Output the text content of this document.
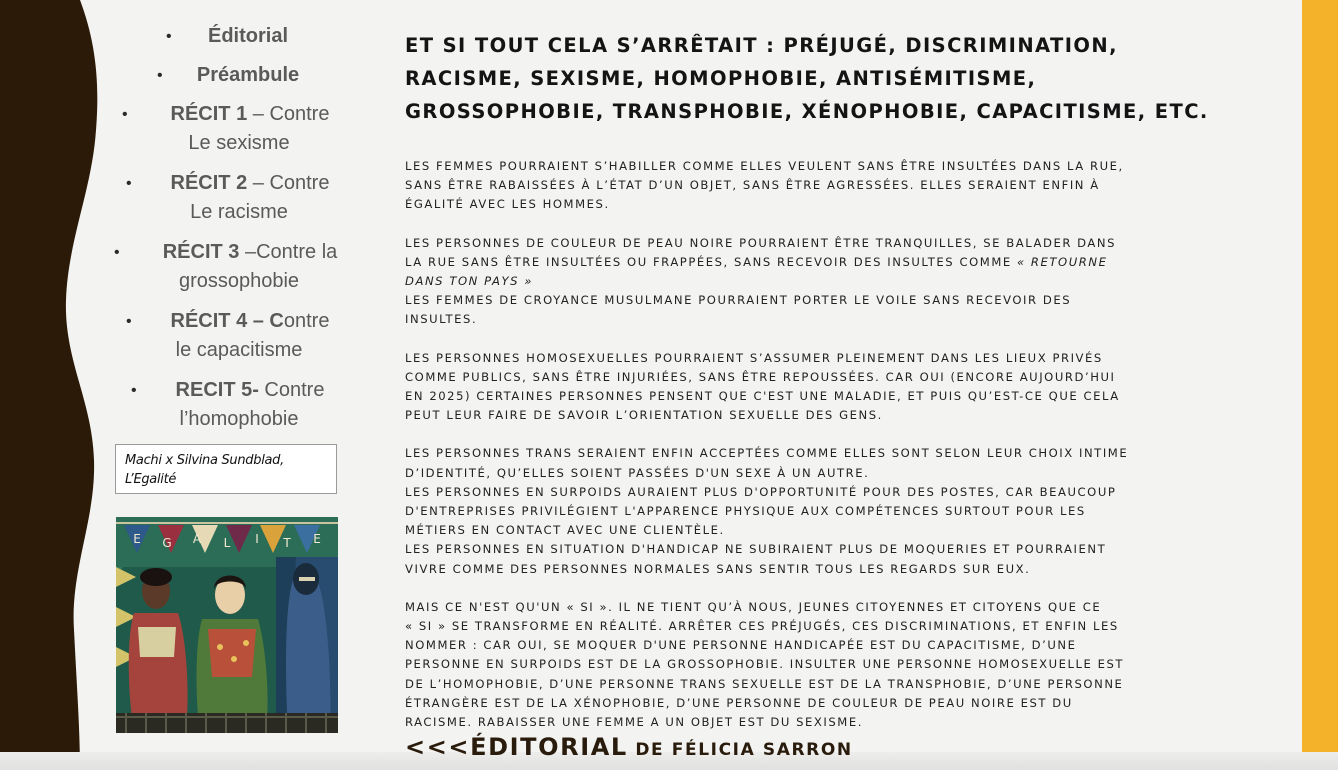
• Éditorial
• Préambule
•	RÉCIT 1 – Contre
Le sexisme
•	RÉCIT 2 – Contre
Le racisme
•	RÉCIT 3 –Contre la
grossophobie
•	RÉCIT 4 – Contre
le capacitisme
•	RECIT 5- Contre
l’homophobie
Machi x Silvina Sundblad,
L’Egalité
E G A L I T E
ET SI TOUT CELA S’ARRÊTAIT : PRÉJUGÉ, DISCRIMINATION,
RACISME, SEXISME, HOMOPHOBIE, ANTISÉMITISME,
GROSSOPHOBIE, TRANSPHOBIE, XÉNOPHOBIE, CAPACITISME, ETC.
LES FEMMES POURRAIENT S’HABILLER COMME ELLES VEULENT SANS ÊTRE INSULTÉES DANS LA RUE,
SANS ÊTRE RABAISSÉES À L’ÉTAT D’UN OBJET, SANS ÊTRE AGRESSÉES. ELLES SERAIENT ENFIN À
ÉGALITÉ AVEC LES HOMMES.
LES PERSONNES DE COULEUR DE PEAU NOIRE POURRAIENT ÊTRE TRANQUILLES, SE BALADER DANS
LA RUE SANS ÊTRE INSULTÉES OU FRAPPÉES, SANS RECEVOIR DES INSULTES COMME « RETOURNE
DANS TON PAYS »
LES FEMMES DE CROYANCE MUSULMANE POURRAIENT PORTER LE VOILE SANS RECEVOIR DES
INSULTES.
LES PERSONNES HOMOSEXUELLES POURRAIENT S’ASSUMER PLEINEMENT DANS LES LIEUX PRIVÉS
COMME PUBLICS, SANS ÊTRE INJURIÉES, SANS ÊTRE REPOUSSÉES. CAR OUI (ENCORE AUJOURD’HUI
EN 2025) CERTAINES PERSONNES PENSENT QUE C'EST UNE MALADIE, ET PUIS QU’EST-CE QUE CELA
PEUT LEUR FAIRE DE SAVOIR L’ORIENTATION SEXUELLE DES GENS.
LES PERSONNES TRANS SERAIENT ENFIN ACCEPTÉES COMME ELLES SONT SELON LEUR CHOIX INTIME
D’IDENTITÉ, QU’ELLES SOIENT PASSÉES D'UN SEXE À UN AUTRE.
LES PERSONNES EN SURPOIDS AURAIENT PLUS D'OPPORTUNITÉ POUR DES POSTES, CAR BEAUCOUP
D'ENTREPRISES PRIVILÉGIENT L'APPARENCE PHYSIQUE AUX COMPÉTENCES SURTOUT POUR LES
MÉTIERS EN CONTACT AVEC UNE CLIENTÈLE.
LES PERSONNES EN SITUATION D'HANDICAP NE SUBIRAIENT PLUS DE MOQUERIES ET POURRAIENT
VIVRE COMME DES PERSONNES NORMALES SANS SENTIR TOUS LES REGARDS SUR EUX.
MAIS CE N'EST QU'UN « SI ». IL NE TIENT QU’À NOUS, JEUNES CITOYENNES ET CITOYENS QUE CE
« SI » SE TRANSFORME EN RÉALITÉ. ARRÊTER CES PRÉJUGÉS, CES DISCRIMINATIONS, ET ENFIN LES
NOMMER : CAR OUI, SE MOQUER D'UNE PERSONNE HANDICAPÉE EST DU CAPACITISME, D’UNE
PERSONNE EN SURPOIDS EST DE LA GROSSOPHOBIE. INSULTER UNE PERSONNE HOMOSEXUELLE EST
DE L’HOMOPHOBIE, D’UNE PERSONNE TRANS SEXUELLE EST DE LA TRANSPHOBIE, D’UNE PERSONNE
ÉTRANGÈRE EST DE LA XÉNOPHOBIE, D’UNE PERSONNE DE COULEUR DE PEAU NOIRE EST DU
RACISME. RABAISSER UNE FEMME A UN OBJET EST DU SEXISME.
<<<ÉDITORIAL DE FÉLICIA SARRON
